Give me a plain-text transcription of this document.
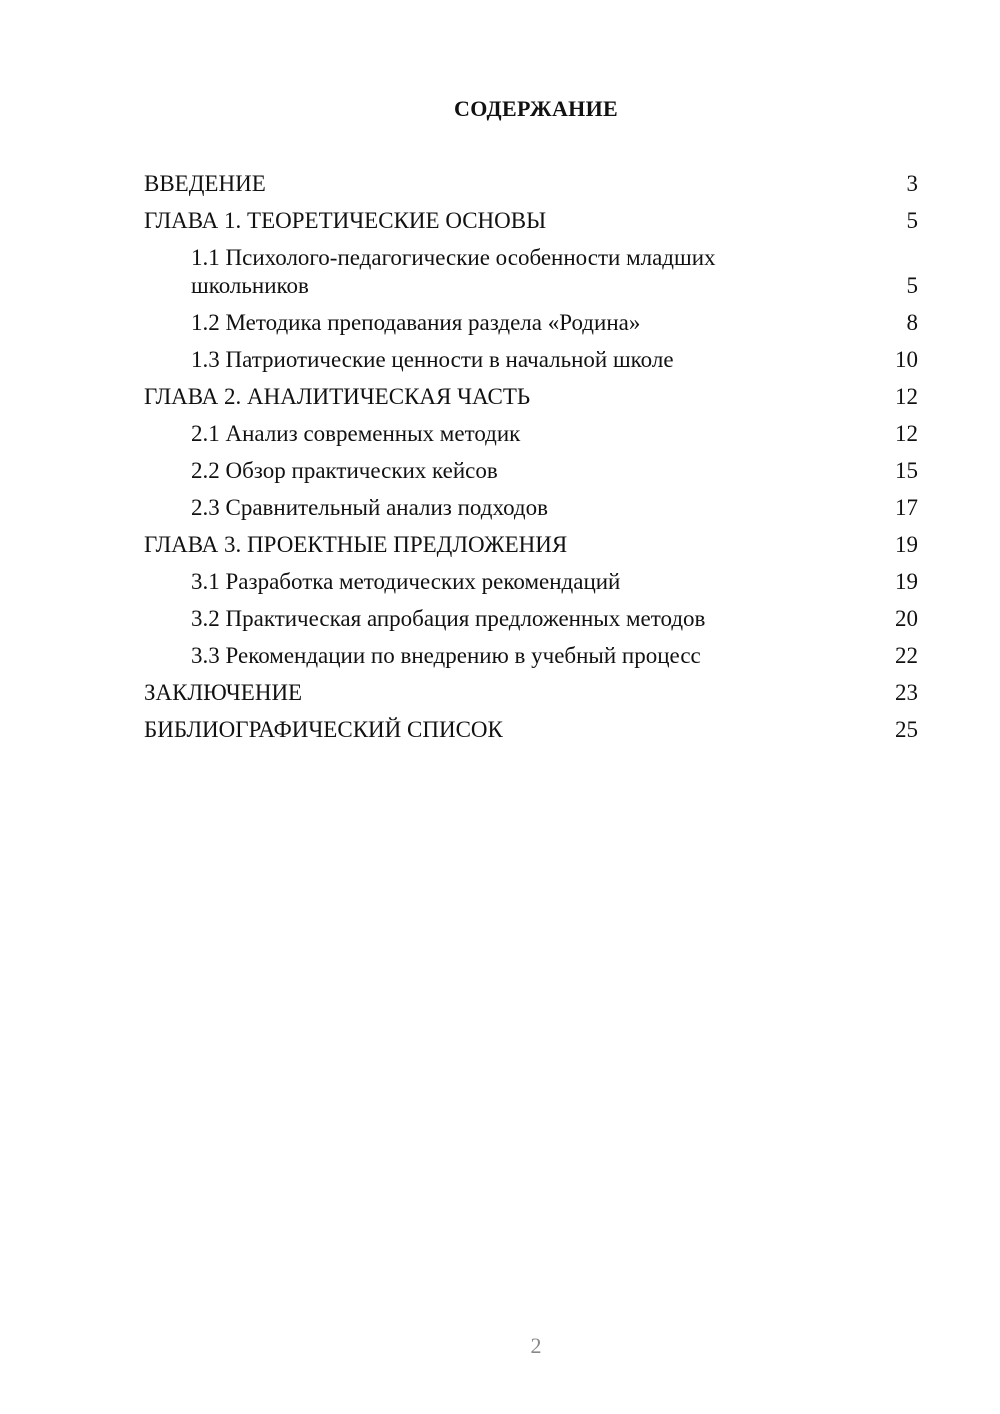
СОДЕРЖАНИЕ
ВВЕДЕНИЕ	3
ГЛАВА 1. ТЕОРЕТИЧЕСКИЕ ОСНОВЫ	5
1.1 Психолого-педагогические особенности младших школьников	5
1.2 Методика преподавания раздела «Родина»	8
1.3 Патриотические ценности в начальной школе	10
ГЛАВА 2. АНАЛИТИЧЕСКАЯ ЧАСТЬ	12
2.1 Анализ современных методик	12
2.2 Обзор практических кейсов	15
2.3 Сравнительный анализ подходов	17
ГЛАВА 3. ПРОЕКТНЫЕ ПРЕДЛОЖЕНИЯ	19
3.1 Разработка методических рекомендаций	19
3.2 Практическая апробация предложенных методов	20
3.3 Рекомендации по внедрению в учебный процесс	22
ЗАКЛЮЧЕНИЕ	23
БИБЛИОГРАФИЧЕСКИЙ СПИСОК	25
2
